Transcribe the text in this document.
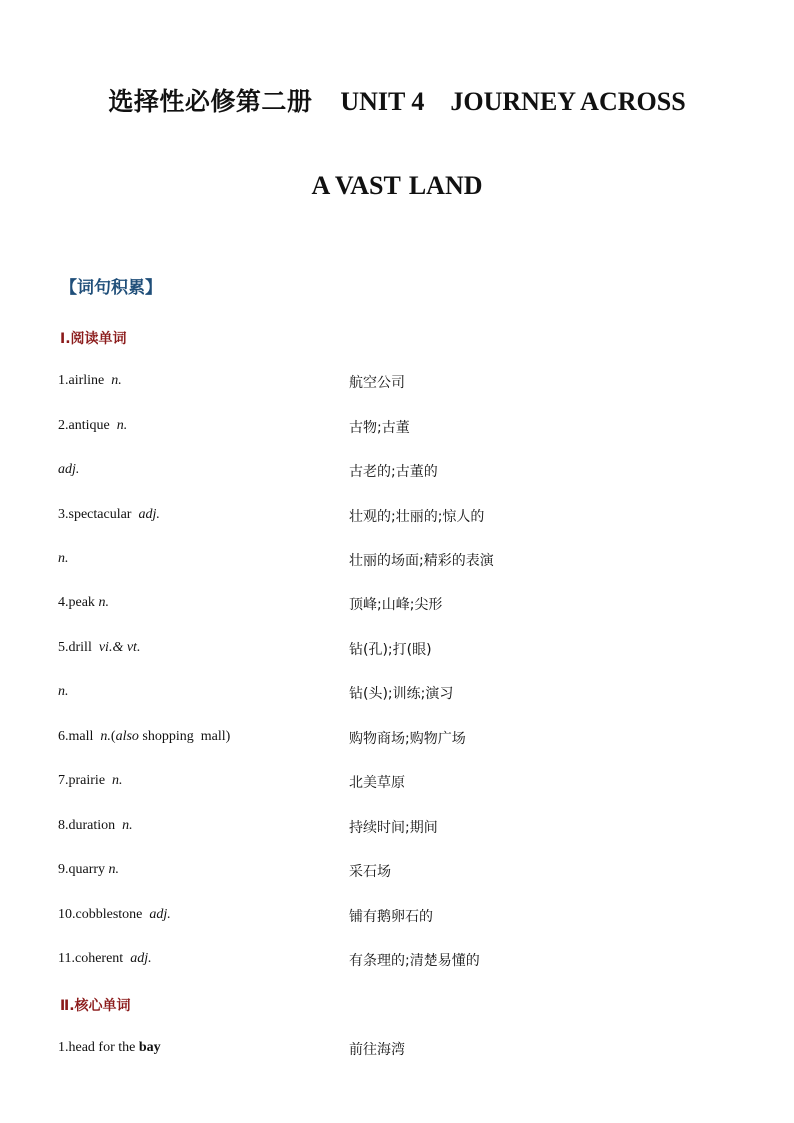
选择性必修第二册 UNIT 4 JOURNEY ACROSS
A VAST LAND
【词句积累】
Ⅰ.阅读单词
1.airline n.	航空公司
2.antique n.	古物;古董
adj.	古老的;古董的
3.spectacular adj.	壮观的;壮丽的;惊人的
n.	壮丽的场面;精彩的表演
4.peak n.	顶峰;山峰;尖形
5.drill vi.& vt.	钻(孔);打(眼)
n.	钻(头);训练;演习
6.mall n.(also shopping  mall)	购物商场;购物广场
7.prairie n.	北美草原
8.duration n.	持续时间;期间
9.quarry n.	采石场
10.cobblestone adj.	铺有鹅卵石的
11.coherent adj.	有条理的;清楚易懂的
Ⅱ.核心单词
1.head for the bay	前往海湾
